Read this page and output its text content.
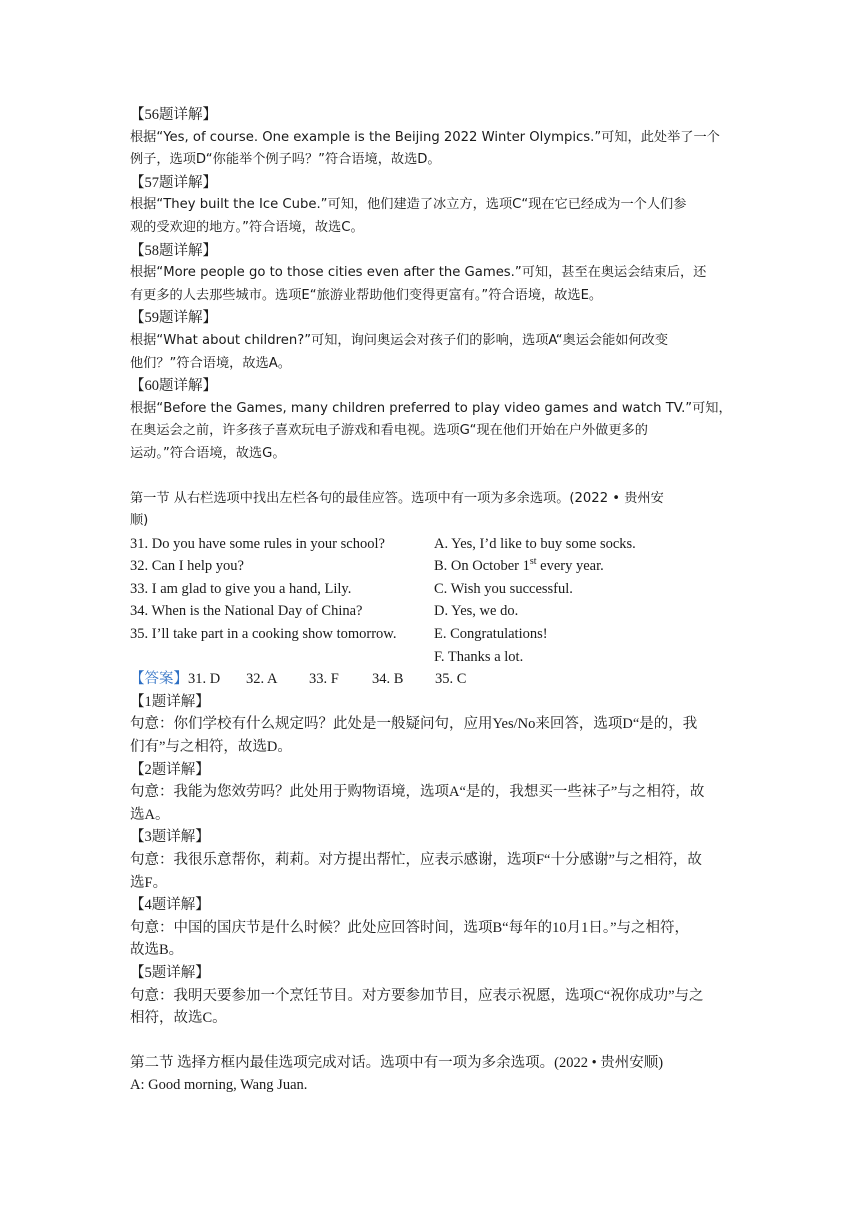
【56题详解】
根据“Yes, of course. One example is the Beijing 2022 Winter Olympics.”可知，此处举了一个
例子，选项D“你能举个例子吗？”符合语境，故选D。
【57题详解】
根据“They built the Ice Cube.”可知，他们建造了冰立方，选项C“现在它已经成为一个人们参
观的受欢迎的地方。”符合语境，故选C。
【58题详解】
根据“More people go to those cities even after the Games.”可知，甚至在奥运会结束后，还
有更多的人去那些城市。选项E“旅游业帮助他们变得更富有。”符合语境，故选E。
【59题详解】
根据“What about children?”可知，询问奥运会对孩子们的影响，选项A“奥运会能如何改变
他们？”符合语境，故选A。
【60题详解】
根据“Before the Games, many children preferred to play video games and watch TV.”可知，
在奥运会之前，许多孩子喜欢玩电子游戏和看电视。选项G“现在他们开始在户外做更多的
运动。”符合语境，故选G。
第一节 从右栏选项中找出左栏各句的最佳应答。选项中有一项为多余选项。(2022 • 贵州安
顺)
31. Do you have some rules in your school?	A. Yes, I’d like to buy some socks.
32. Can I help you?	B. On October 1st every year.
33. I am glad to give you a hand, Lily.	C. Wish you successful.
34. When is the National Day of China?	D. Yes, we do.
35. I’ll take part in a cooking show tomorrow.	E. Congratulations!
F. Thanks a lot.
【答案】31. D 32. A 33. F 34. B 35. C
【1题详解】
句意：你们学校有什么规定吗？此处是一般疑问句，应用Yes/No来回答，选项D“是的，我
们有”与之相符，故选D。
【2题详解】
句意：我能为您效劳吗？此处用于购物语境，选项A“是的，我想买一些袜子”与之相符，故
选A。
【3题详解】
句意：我很乐意帮你，莉莉。对方提出帮忙，应表示感谢，选项F“十分感谢”与之相符，故
选F。
【4题详解】
句意：中国的国庆节是什么时候？此处应回答时间，选项B“每年的10月1日。”与之相符，
故选B。
【5题详解】
句意：我明天要参加一个烹饪节目。对方要参加节目，应表示祝愿，选项C“祝你成功”与之
相符，故选C。
第二节 选择方框内最佳选项完成对话。选项中有一项为多余选项。(2022 • 贵州安顺)
A: Good morning, Wang Juan.
